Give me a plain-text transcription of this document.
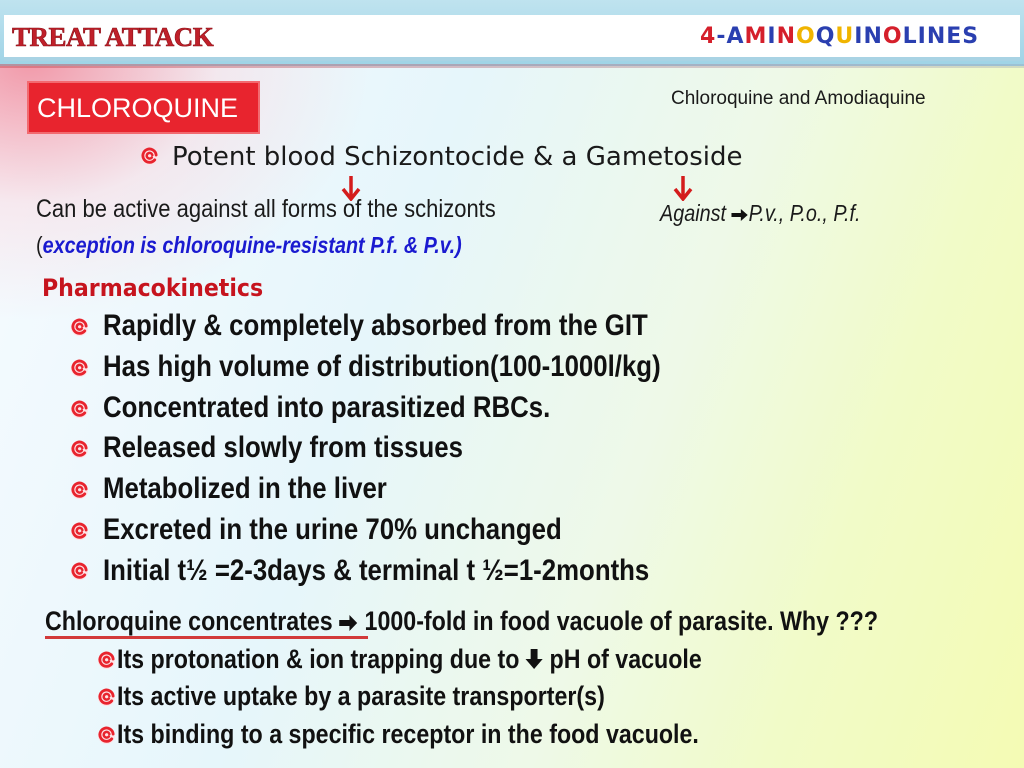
TREAT ATTACK	4-AMINOQUINOLINES
CHLOROQUINE	Chloroquine and Amodiaquine
Potent blood Schizontocide & a Gametoside
Can be active against all forms of the schizonts
(exception is chloroquine-resistant P.f. & P.v.)
Against P.v., P.o., P.f.
Pharmacokinetics
Rapidly & completely absorbed from the GIT
Has high volume of distribution(100-1000l/kg)
Concentrated into parasitized RBCs.
Released slowly from tissues
Metabolized in the liver
Excreted in the urine 70% unchanged
Initial t½ =2-3days & terminal t ½=1-2months
Chloroquine concentrates  1000-fold in food vacuole of parasite. Why ???
Its protonation & ion trapping due to  pH of vacuole
Its active uptake by a parasite transporter(s)
Its binding to a specific receptor in the food vacuole.
